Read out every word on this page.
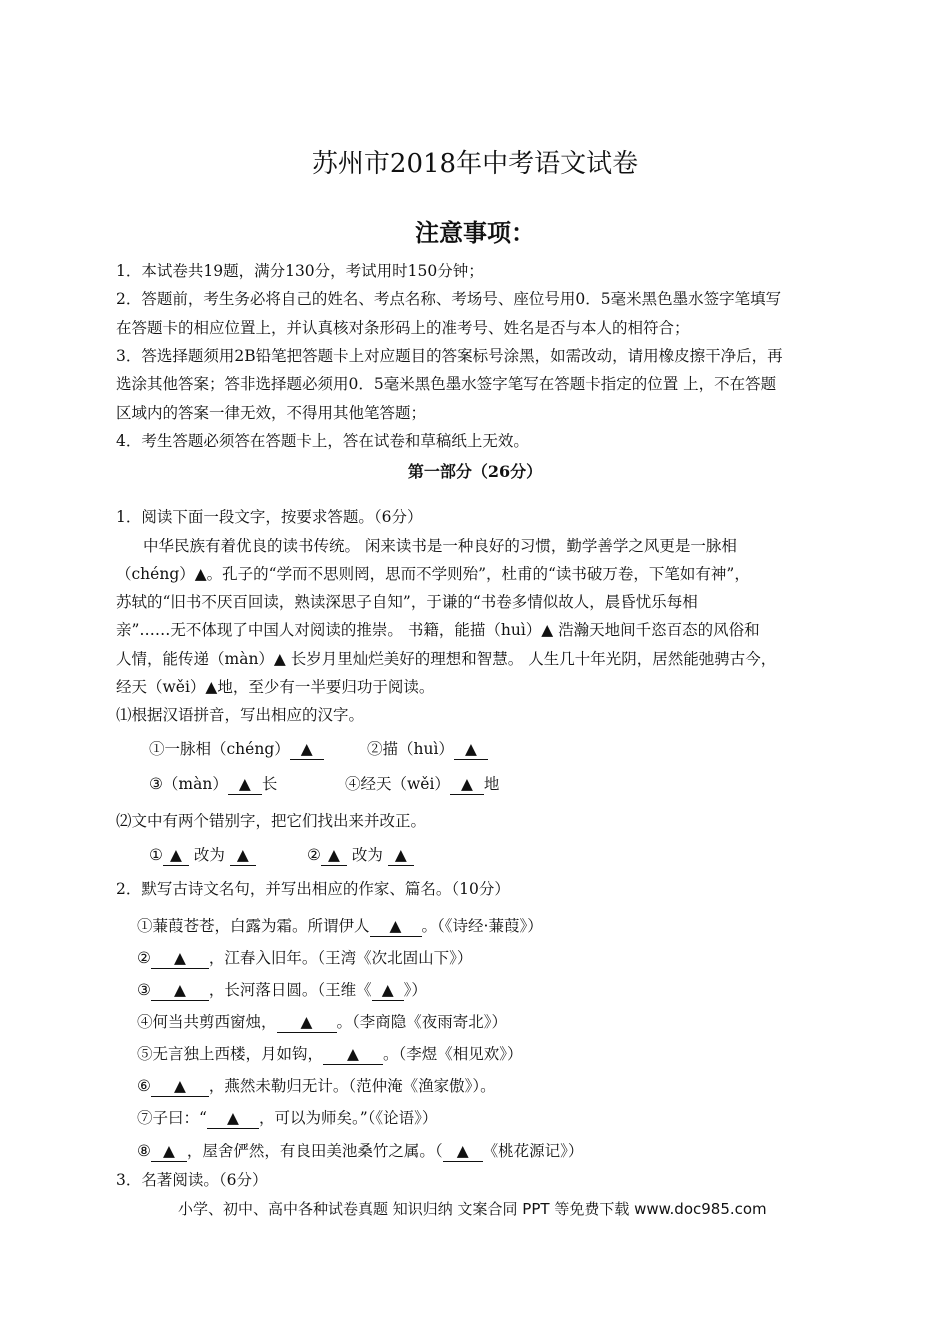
苏州市2018年中考语文试卷
注意事项：
1．本试卷共19题，满分130分，考试用时150分钟；
2．答题前，考生务必将自己的姓名、考点名称、考场号、座位号用0．5毫米黑色墨水签字笔填写
在答题卡的相应位置上，并认真核对条形码上的准考号、姓名是否与本人的相符合；
3．答选择题须用2B铅笔把答题卡上对应题目的答案标号涂黑，如需改动，请用橡皮擦干净后，再
选涂其他答案；答非选择题必须用0．5毫米黑色墨水签字笔写在答题卡指定的位置 上，不在答题
区域内的答案一律无效，不得用其他笔答题；
4．考生答题必须答在答题卡上，答在试卷和草稿纸上无效。
第一部分（26分）
1．阅读下面一段文字，按要求答题。（6分）
中华民族有着优良的读书传统。 闲来读书是一种良好的习惯，勤学善学之风更是一脉相
（chéng）▲。孔子的“学而不思则罔，思而不学则殆”，杜甫的“读书破万卷，下笔如有神”，
苏轼的“旧书不厌百回读，熟读深思子自知”，于谦的“书卷多情似故人，晨昏忧乐每相
亲”……无不体现了中国人对阅读的推崇。 书籍，能描（huì）▲ 浩瀚天地间千恣百态的风俗和
人情，能传递（màn）▲ 长岁月里灿烂美好的理想和智慧。 人生几十年光阴，居然能弛骋古今，
经天（wěi）▲地，至少有一半要归功于阅读。
⑴根据汉语拼音，写出相应的汉字。
①一脉相（chéng） ▲	②描（huì） ▲
③（màn） ▲ 长	④经天（wěi） ▲ 地
⑵文中有两个错别字，把它们找出来并改正。
① ▲ 改为 ▲	② ▲ 改为 ▲
2．默写古诗文名句，并写出相应的作家、篇名。（10分）
①蒹葭苍苍，白露为霜。所谓伊人 ▲ 。（《诗经·蒹葭》）
② ▲ ，江春入旧年。（王湾《次北固山下》）
③ ▲ ，长河落日圆。（王维《 ▲ 》）
④何当共剪西窗烛， ▲ 。（李商隐《夜雨寄北》）
⑤无言独上西楼，月如钩， ▲ 。（李煜《相见欢》）
⑥ ▲ ，燕然未勒归无计。（范仲淹《渔家傲》）。
⑦子曰：“ ▲ ，可以为师矣。”（《论语》）
⑧ ▲ ，屋舍俨然，有良田美池桑竹之属。（ ▲ 《桃花源记》）
3．名著阅读。（6分）
小学、初中、高中各种试卷真题 知识归纳 文案合同 PPT 等免费下载 www.doc985.com
